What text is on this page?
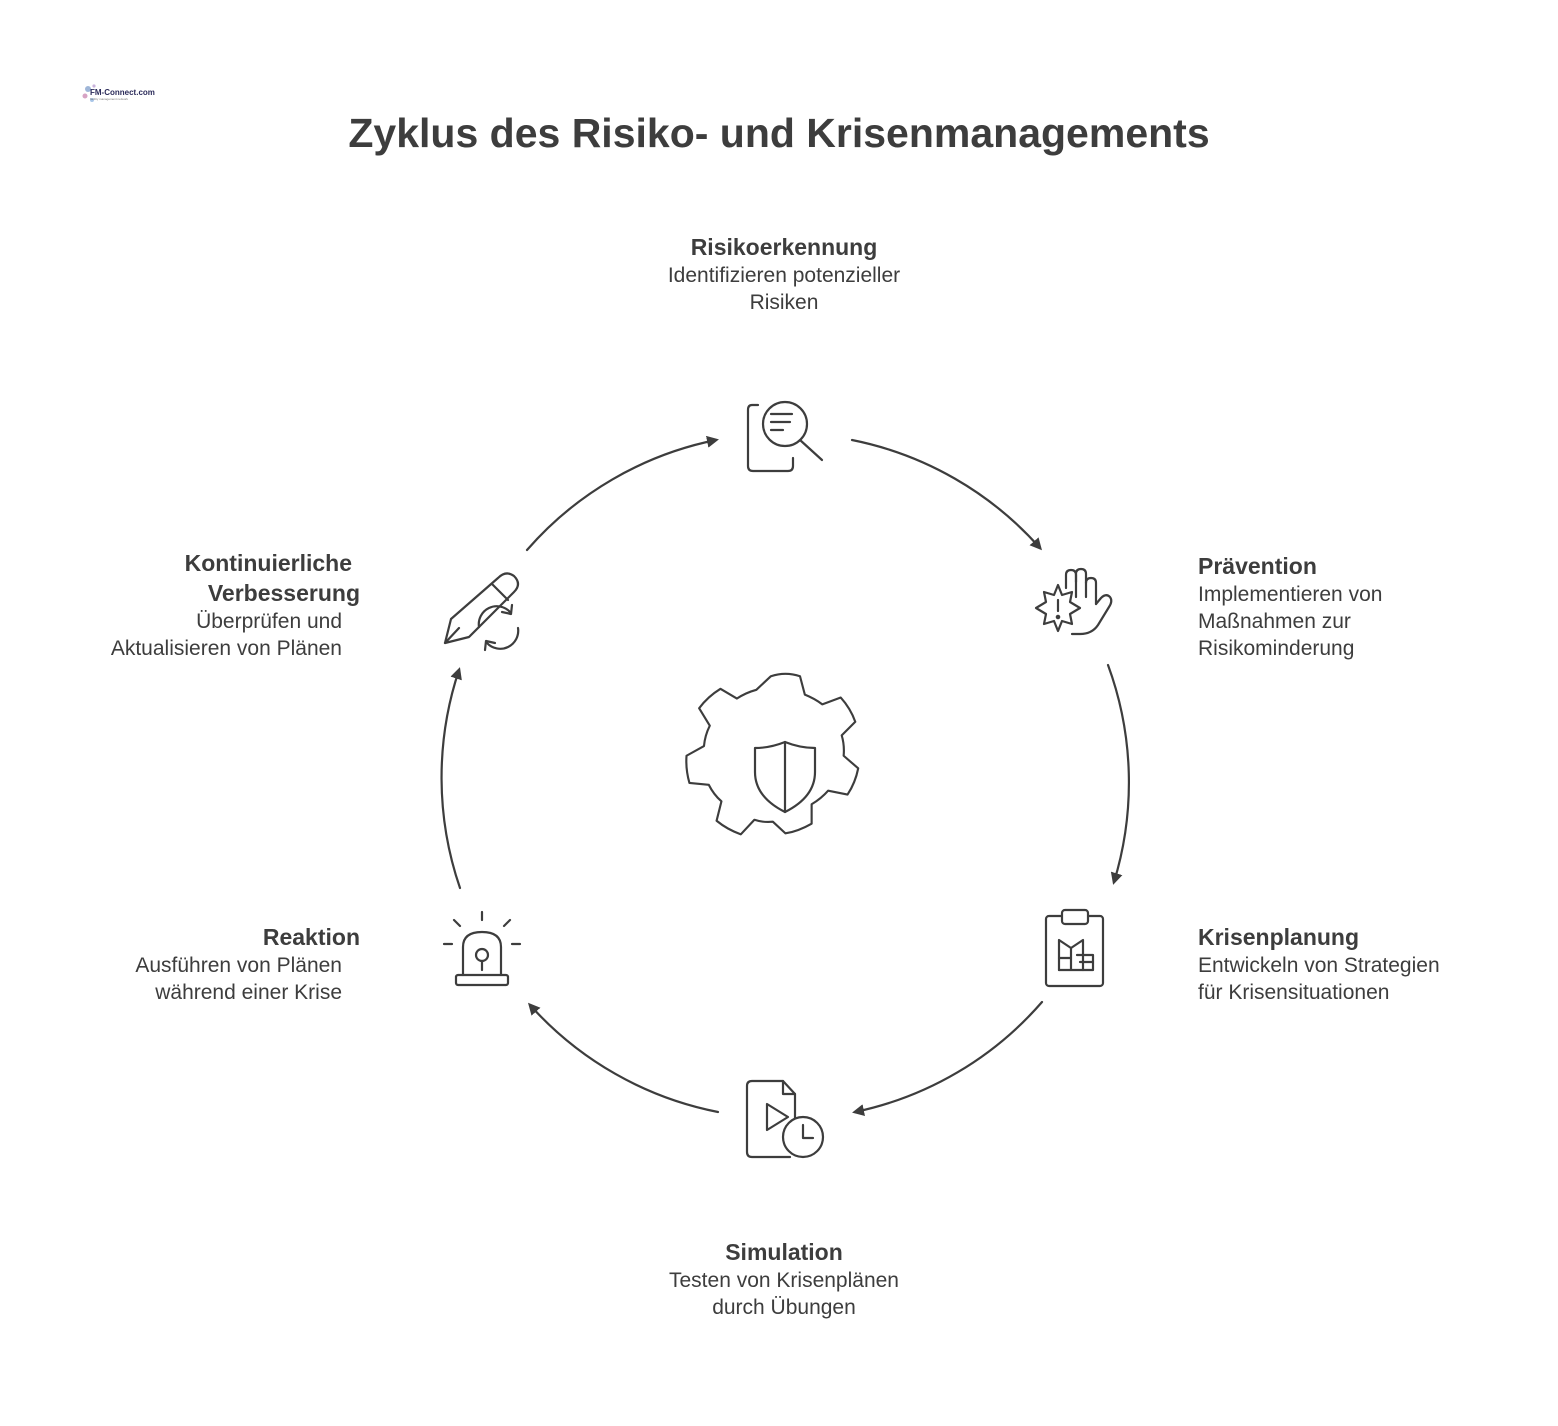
FM-Connect.com
facility management network
Zyklus des Risiko- und Krisenmanagements
Risikoerkennung
Identifizieren potenzieller
Risiken
Prävention
Implementieren von
Maßnahmen zur
Risikominderung
Krisenplanung
Entwickeln von Strategien
für Krisensituationen
Simulation
Testen von Krisenplänen
durch Übungen
Reaktion
Ausführen von Plänen
während einer Krise
Kontinuierliche
Verbesserung
Überprüfen und
Aktualisieren von Plänen
